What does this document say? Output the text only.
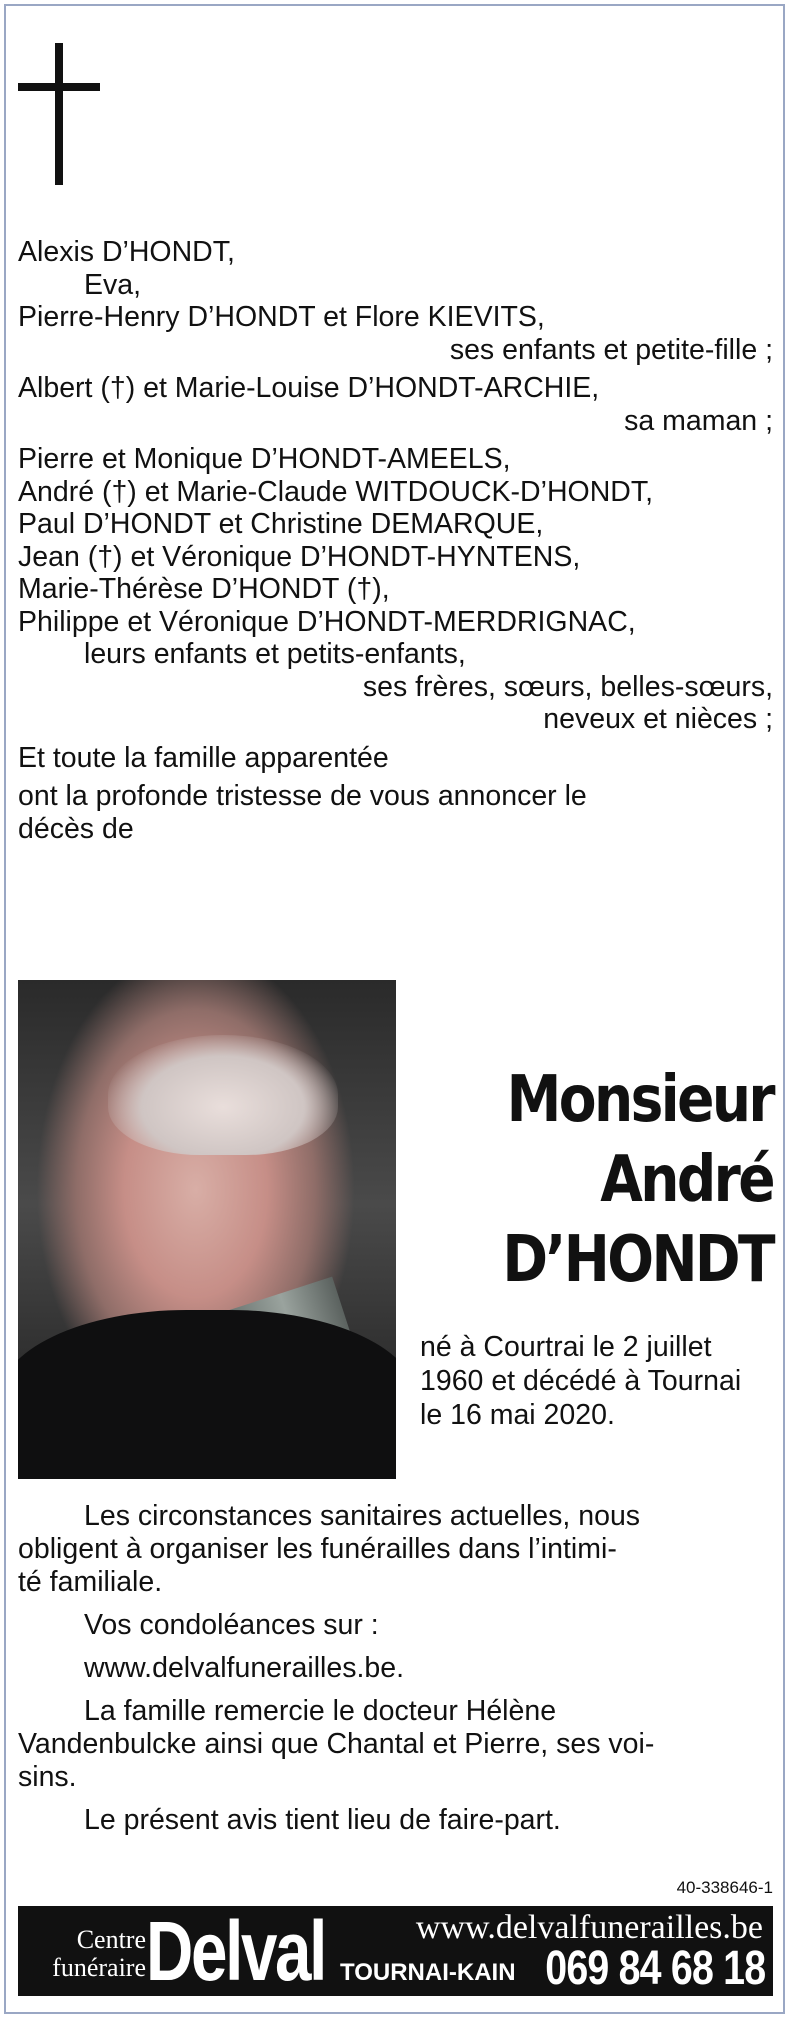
Alexis D’HONDT,
Eva,
Pierre-Henry D’HONDT et Flore KIEVITS,
ses enfants et petite-fille ;
Albert (†) et Marie-Louise D’HONDT-ARCHIE,
sa maman ;
Pierre et Monique D’HONDT-AMEELS,
André (†) et Marie-Claude WITDOUCK-D’HONDT,
Paul D’HONDT et Christine DEMARQUE,
Jean (†) et Véronique D’HONDT-HYNTENS,
Marie-Thérèse D’HONDT (†),
Philippe et Véronique D’HONDT-MERDRIGNAC,
leurs enfants et petits-enfants,
ses frères, sœurs, belles-sœurs,
neveux et nièces ;
Et toute la famille apparentée
ont la profonde tristesse de vous annoncer le
décès de
Monsieur
André
D’HONDT
né à Courtrai le 2 juillet
1960 et décédé à Tournai
le 16 mai 2020.

Les circonstances sanitaires actuelles, nous
obligent à organiser les funérailles dans l’intimi-
té familiale.

Vos condoléances sur :

www.delvalfunerailles.be.

La famille remercie le docteur Hélène
Vandenbulcke ainsi que Chantal et Pierre, ses voi-
sins.

Le présent avis tient lieu de faire-part.

40-338646-1
Centre
funéraire Delval	www.delvalfunerailles.be
TOURNAI-KAIN 069 84 68 18
